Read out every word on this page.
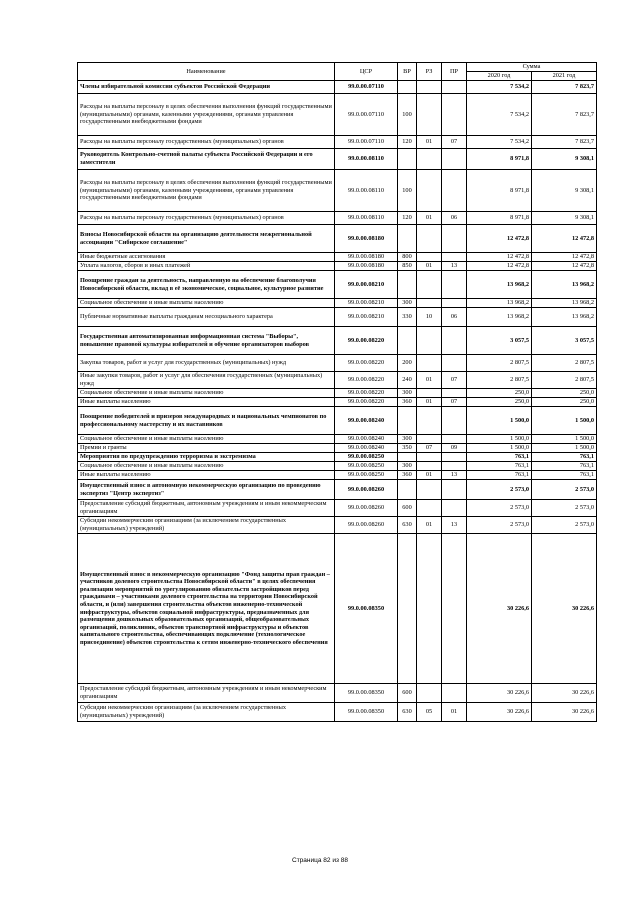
Наименование	ЦСР	ВР	РЗ	ПР	Сумма	
					2020 год	2021 год
Члены избирательной комиссии субъектов Российской Федерации	99.0.00.07110				7 534,2	7 823,7
Расходы на выплаты персоналу в целях обеспечения выполнения функций государственными (муниципальными) органами, казенными учреждениями, органами управления государственными внебюджетными фондами	99.0.00.07110	100			7 534,2	7 823,7
Расходы на выплаты персоналу государственных (муниципальных) органов	99.0.00.07110	120	01	07	7 534,2	7 823,7
Руководитель Контрольно-счетной палаты субъекта Российской Федерации и его заместители	99.0.00.08110				8 971,8	9 308,1
Расходы на выплаты персоналу в целях обеспечения выполнения функций государственными (муниципальными) органами, казенными учреждениями, органами управления государственными внебюджетными фондами	99.0.00.08110	100			8 971,8	9 308,1
Расходы на выплаты персоналу государственных (муниципальных) органов	99.0.00.08110	120	01	06	8 971,8	9 308,1
Взносы Новосибирской области на организацию деятельности межрегиональной ассоциации "Сибирское соглашение"	99.0.00.08180				12 472,8	12 472,8
Иные бюджетные ассигнования	99.0.00.08180	800			12 472,8	12 472,8
Уплата налогов, сборов и иных платежей	99.0.00.08180	850	01	13	12 472,8	12 472,8
Поощрение граждан за деятельность, направленную на обеспечение благополучия Новосибирской области, вклад в её экономическое, социальное, культурное развитие	99.0.00.08210				13 968,2	13 968,2
Социальное обеспечение и иные выплаты населению	99.0.00.08210	300			13 968,2	13 968,2
Публичные нормативные выплаты гражданам несоциального характера	99.0.00.08210	330	10	06	13 968,2	13 968,2
Государственная автоматизированная информационная система "Выборы", повышение правовой культуры избирателей и обучение организаторов выборов	99.0.00.08220				3 057,5	3 057,5
Закупка товаров, работ и услуг для государственных (муниципальных) нужд	99.0.00.08220	200			2 807,5	2 807,5
Иные закупки товаров, работ и услуг для обеспечения государственных (муниципальных) нужд	99.0.00.08220	240	01	07	2 807,5	2 807,5
Социальное обеспечение и иные выплаты населению	99.0.00.08220	300			250,0	250,0
Иные выплаты населению	99.0.00.08220	360	01	07	250,0	250,0
Поощрение победителей и призеров международных и национальных чемпионатов по профессиональному мастерству и их наставников	99.0.00.08240				1 500,0	1 500,0
Социальное обеспечение и иные выплаты населению	99.0.00.08240	300			1 500,0	1 500,0
Премии и гранты	99.0.00.08240	350	07	09	1 500,0	1 500,0
Мероприятия по предупреждению терроризма и экстремизма	99.0.00.08250				763,1	763,1
Социальное обеспечение и иные выплаты населению	99.0.00.08250	300			763,1	763,1
Иные выплаты населению	99.0.00.08250	360	01	13	763,1	763,1
Имущественный взнос в автономную некоммерческую организацию по проведению экспертиз "Центр экспертиз"	99.0.00.08260				2 573,0	2 573,0
Предоставление субсидий бюджетным, автономным учреждениям и иным некоммерческим организациям	99.0.00.08260	600			2 573,0	2 573,0
Субсидии некоммерческим организациям (за исключением государственных (муниципальных) учреждений)	99.0.00.08260	630	01	13	2 573,0	2 573,0
Имущественный взнос в некоммерческую организацию "Фонд защиты прав граждан – участников долевого строительства Новосибирской области" в целях обеспечения реализации мероприятий по урегулированию обязательств застройщиков перед гражданами – участниками долевого строительства на территории Новосибирской области, и (или) завершения строительства объектов инженерно-технической инфраструктуры, объектов социальной инфраструктуры, предназначенных для размещения дошкольных образовательных организаций, общеобразовательных организаций, поликлиник, объектов транспортной инфраструктуры и объектов капитального строительства, обеспечивающих подключение (технологическое присоединение) объектов строительства к сетям инженерно-технического обеспечения	99.0.00.08350				30 226,6	30 226,6
Предоставление субсидий бюджетным, автономным учреждениям и иным некоммерческим организациям	99.0.00.08350	600			30 226,6	30 226,6
Субсидии некоммерческим организациям (за исключением государственных (муниципальных) учреждений)	99.0.00.08350	630	05	01	30 226,6	30 226,6
Страница 82 из 88
